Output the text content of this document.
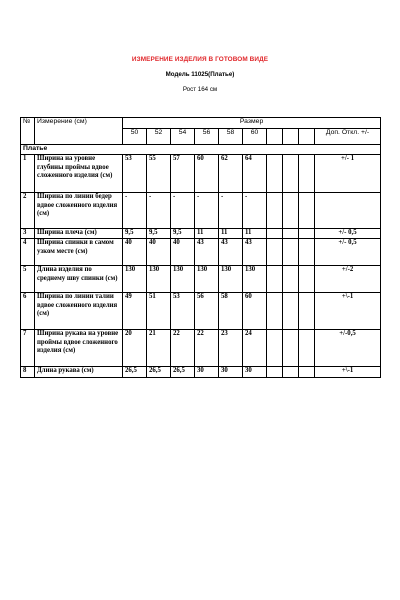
ИЗМЕРЕНИЕ ИЗДЕЛИЯ В ГОТОВОМ ВИДЕ
Модель 11025(Платье)
Рост 164 см
№	Измерение (см)	Размер									
		50	52	54	56	58	60				Доп. Откл. +/-
Платье											
1	Ширина на уровне глубины проймы вдвое сложенного изделия (см)	53	55	57	60	62	64				+/- 1
2	Ширина по линии бедер вдвое сложенного изделия (см)	-	-	-	-	-	-				
3	Ширина плеча (см)	9,5	9,5	9,5	11	11	11				+/- 0,5
4	Ширина спинки в самом узком месте (см)	40	40	40	43	43	43				+/- 0,5
5	Длина изделия по среднему шву спинки (см)	130	130	130	130	130	130				+/-2
6	Ширина по линии талии вдвое сложенного изделия (см)	49	51	53	56	58	60				+\-1
7	Ширина рукава на уровне проймы вдвое сложенного изделия (см)	20	21	22	22	23	24				+/-0,5
8	Длина рукава (см)	26,5	26,5	26,5	30	30	30				+\-1
